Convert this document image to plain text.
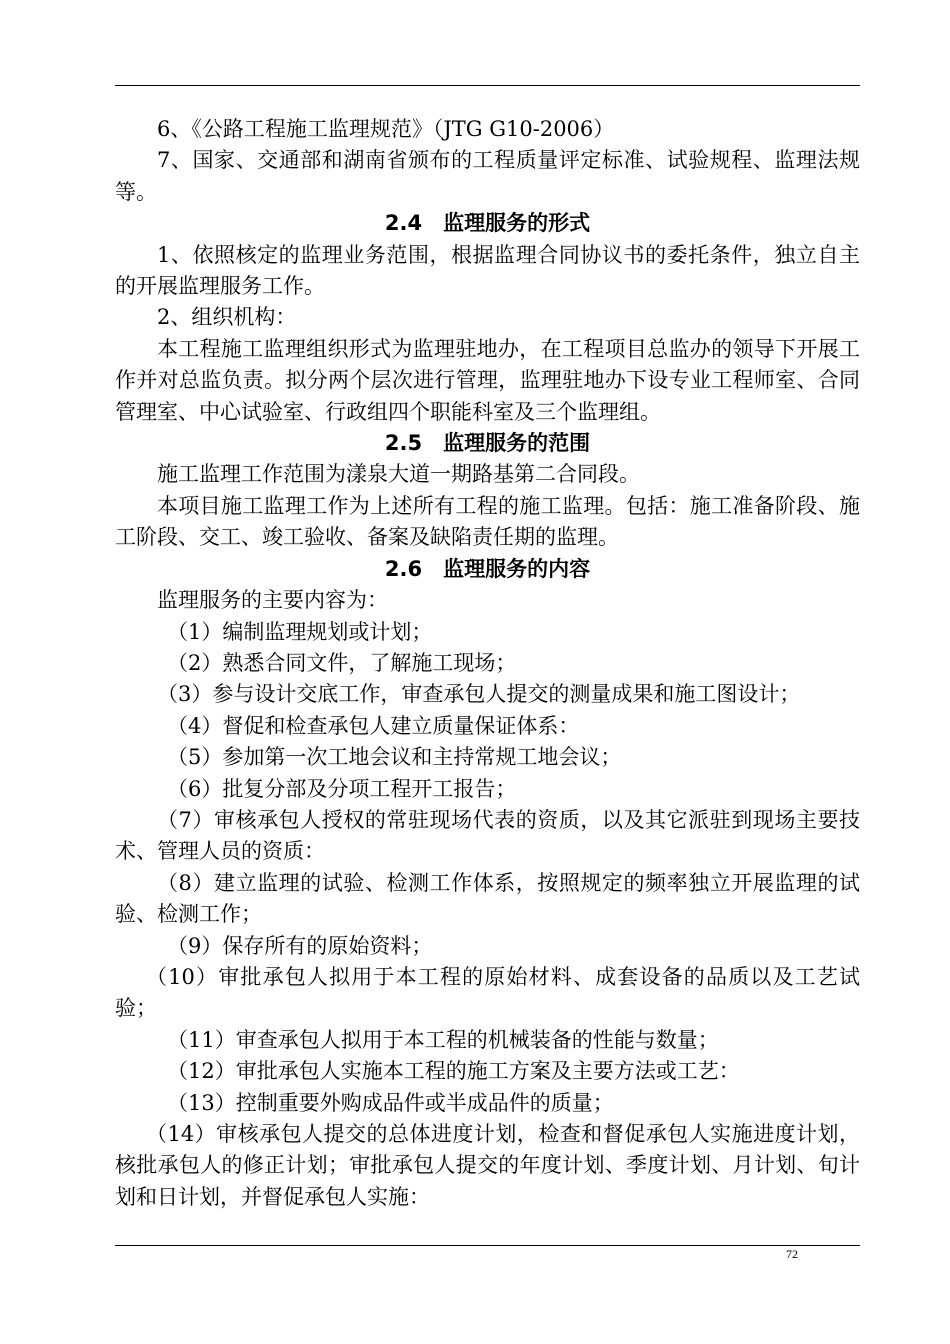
6、《公路工程施工监理规范》（JTG G10-2006）

7、国家、交通部和湖南省颁布的工程质量评定标准、试验规程、监理法规等。

2.4　监理服务的形式

1、依照核定的监理业务范围，根据监理合同协议书的委托条件，独立自主的开展监理服务工作。

2、组织机构：

本工程施工监理组织形式为监理驻地办，在工程项目总监办的领导下开展工作并对总监负责。拟分两个层次进行管理，监理驻地办下设专业工程师室、合同管理室、中心试验室、行政组四个职能科室及三个监理组。

2.5　监理服务的范围

施工监理工作范围为漾泉大道一期路基第二合同段。

本项目施工监理工作为上述所有工程的施工监理。包括：施工准备阶段、施工阶段、交工、竣工验收、备案及缺陷责任期的监理。

2.6　监理服务的内容

监理服务的主要内容为：

（1）编制监理规划或计划；

（2）熟悉合同文件，了解施工现场；

（3）参与设计交底工作，审查承包人提交的测量成果和施工图设计；

（4）督促和检查承包人建立质量保证体系：

（5）参加第一次工地会议和主持常规工地会议；

（6）批复分部及分项工程开工报告；

（7）审核承包人授权的常驻现场代表的资质，以及其它派驻到现场主要技术、管理人员的资质：

（8）建立监理的试验、检测工作体系，按照规定的频率独立开展监理的试验、检测工作；

（9）保存所有的原始资料；

（10）审批承包人拟用于本工程的原始材料、成套设备的品质以及工艺试验；

（11）审查承包人拟用于本工程的机械装备的性能与数量；

（12）审批承包人实施本工程的施工方案及主要方法或工艺：

（13）控制重要外购成品件或半成品件的质量；

（14）审核承包人提交的总体进度计划，检查和督促承包人实施进度计划，核批承包人的修正计划；审批承包人提交的年度计划、季度计划、月计划、旬计划和日计划，并督促承包人实施：

72
